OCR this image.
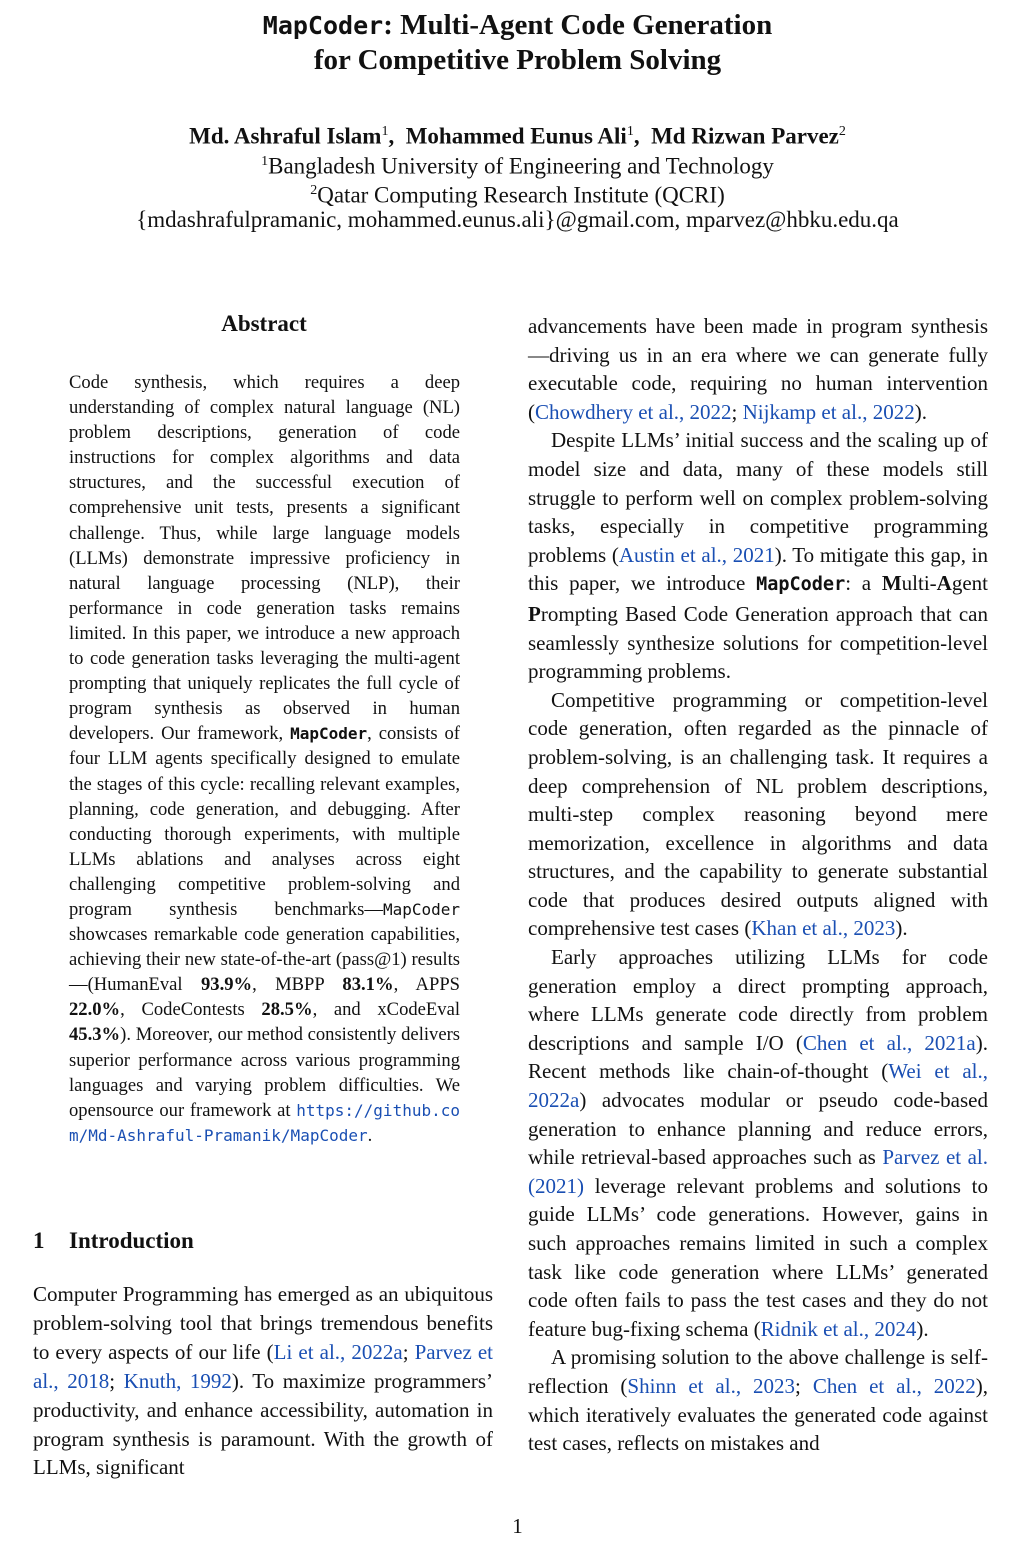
MapCoder: Multi-Agent Code Generation
for Competitive Problem Solving
Md. Ashraful Islam$^1$,  Mohammed Eunus Ali$^1$,  Md Rizwan Parvez$^2$
$^1$Bangladesh University of Engineering and Technology
$^2$Qatar Computing Research Institute (QCRI)
{mdashrafulpramanic, mohammed.eunus.ali}@gmail.com, mparvez@hbku.edu.qa
Abstract
Code synthesis, which requires a deep understanding of complex natural language (NL) problem descriptions, generation of code instructions for complex algorithms and data structures, and the successful execution of comprehensive unit tests, presents a significant challenge. Thus, while large language models (LLMs) demonstrate impressive proficiency in natural language processing (NLP), their performance in code generation tasks remains limited. In this paper, we introduce a new approach to code generation tasks leveraging the multi-agent prompting that uniquely replicates the full cycle of program synthesis as observed in human developers. Our framework, MapCoder, consists of four LLM agents specifically designed to emulate the stages of this cycle: recalling relevant examples, planning, code generation, and debugging. After conducting thorough experiments, with multiple LLMs ablations and analyses across eight challenging competitive problem-solving and program synthesis benchmarks—MapCoder showcases remarkable code generation capabilities, achieving their new state-of-the-art (pass@1) results—(HumanEval 93.9%, MBPP 83.1%, APPS 22.0%, CodeContests 28.5%, and xCodeEval 45.3%). Moreover, our method consistently delivers superior performance across various programming languages and varying problem difficulties. We opensource our framework at https://github.com/Md-Ashraful-Pramanik/MapCoder.
1 Introduction
Computer Programming has emerged as an ubiquitous problem-solving tool that brings tremendous benefits to every aspects of our life (Li et al., 2022a; Parvez et al., 2018; Knuth, 1992). To maximize programmers’ productivity, and enhance accessibility, automation in program synthesis is paramount. With the growth of LLMs, significant

advancements have been made in program synthesis—driving us in an era where we can generate fully executable code, requiring no human intervention (Chowdhery et al., 2022; Nijkamp et al., 2022).

Despite LLMs’ initial success and the scaling up of model size and data, many of these models still struggle to perform well on complex problem-solving tasks, especially in competitive programming problems (Austin et al., 2021). To mitigate this gap, in this paper, we introduce MapCoder: a Multi-Agent Prompting Based Code Generation approach that can seamlessly synthesize solutions for competition-level programming problems.

Competitive programming or competition-level code generation, often regarded as the pinnacle of problem-solving, is an challenging task. It requires a deep comprehension of NL problem descriptions, multi-step complex reasoning beyond mere memorization, excellence in algorithms and data structures, and the capability to generate substantial code that produces desired outputs aligned with comprehensive test cases (Khan et al., 2023).

Early approaches utilizing LLMs for code generation employ a direct prompting approach, where LLMs generate code directly from problem descriptions and sample I/O (Chen et al., 2021a). Recent methods like chain-of-thought (Wei et al., 2022a) advocates modular or pseudo code-based generation to enhance planning and reduce errors, while retrieval-based approaches such as Parvez et al. (2021) leverage relevant problems and solutions to guide LLMs’ code generations. However, gains in such approaches remains limited in such a complex task like code generation where LLMs’ generated code often fails to pass the test cases and they do not feature bug-fixing schema (Ridnik et al., 2024).

A promising solution to the above challenge is self-reflection (Shinn et al., 2023; Chen et al., 2022), which iteratively evaluates the generated code against test cases, reflects on mistakes and

1
